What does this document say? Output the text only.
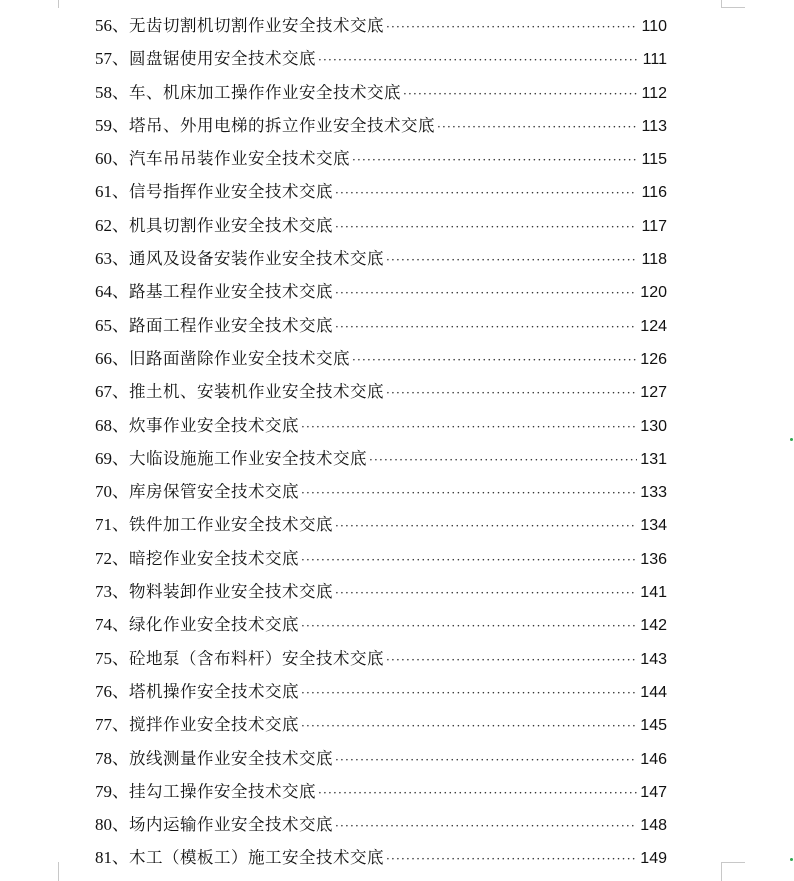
56、 无齿切割机切割作业安全技术交底 ·····	110
57、 圆盘锯使用安全技术交底 ·····	111
58、 车、机床加工操作作业安全技术交底 ·····	112
59、 塔吊、外用电梯的拆立作业安全技术交底 ·····	113
60、 汽车吊吊装作业安全技术交底 ·····	115
61、 信号指挥作业安全技术交底 ·····	116
62、 机具切割作业安全技术交底 ·····	117
63、 通风及设备安装作业安全技术交底 ·····	118
64、 路基工程作业安全技术交底 ·····	120
65、 路面工程作业安全技术交底 ·····	124
66、 旧路面凿除作业安全技术交底 ·····	126
67、 推土机、安装机作业安全技术交底 ·····	127
68、 炊事作业安全技术交底 ·····	130
69、 大临设施施工作业安全技术交底 ·····	131
70、 库房保管安全技术交底 ·····	133
71、 铁件加工作业安全技术交底 ·····	134
72、 暗挖作业安全技术交底 ·····	136
73、 物料装卸作业安全技术交底 ·····	141
74、 绿化作业安全技术交底 ·····	142
75、 砼地泵（含布料杆）安全技术交底 ·····	143
76、 塔机操作安全技术交底 ·····	144
77、 搅拌作业安全技术交底 ·····	145
78、 放线测量作业安全技术交底 ·····	146
79、 挂勾工操作安全技术交底 ·····	147
80、 场内运输作业安全技术交底 ·····	148
81、 木工（模板工）施工安全技术交底 ·····	149
